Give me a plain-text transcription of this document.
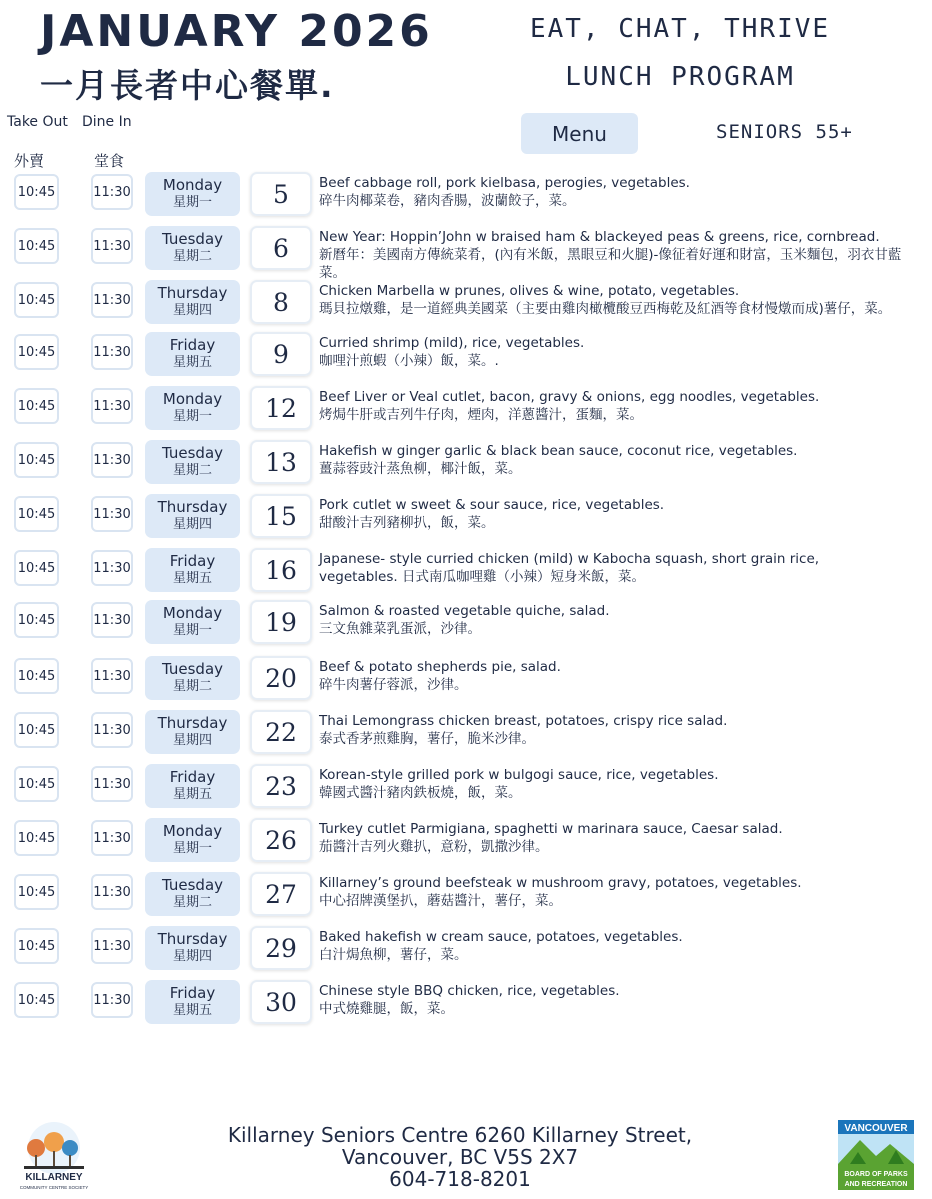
JANUARY 2026
一月長者中心餐單.
EAT, CHAT, THRIVE
LUNCH PROGRAM
Take Out Dine In
外賣	堂食
Menu	SENIORS 55+
10:45	11:30 Monday
星期一	5	Beef cabbage roll, pork kielbasa, perogies, vegetables.
碎牛肉椰菜卷，豬肉香腸，波蘭餃子，菜。
10:45	11:30 Tuesday
星期二	6	New Year: Hoppin’John w braised ham & blackeyed peas & greens, rice, cornbread.
新曆年：美國南方傳統菜肴，(內有米飯，黑眼豆和火腿)-像征着好運和財富，玉米麵包，羽衣甘藍菜。
10:45	11:30 Thursday
星期四	8	Chicken Marbella w prunes, olives & wine, potato, vegetables.
瑪貝拉燉雞，是一道經典美國菜（主要由雞肉橄欖酸豆西梅乾及紅酒等食材慢燉而成)薯仔，菜。
10:45	11:30	Friday
星期五	9	Curried shrimp (mild), rice, vegetables.
咖哩汁煎蝦（小辣）飯，菜。.
10:45	11:30 Monday
星期一	12	Beef Liver or Veal cutlet, bacon, gravy & onions, egg noodles, vegetables.
烤焗牛肝或吉列牛仔肉，煙肉，洋蔥醬汁，蛋麵，菜。
10:45	11:30 Tuesday
星期二	13	Hakefish w ginger garlic & black bean sauce, coconut rice, vegetables.
薑蒜蓉豉汁蒸魚柳，椰汁飯，菜。
10:45	11:30 Thursday
星期四	15	Pork cutlet w sweet & sour sauce, rice, vegetables.
甜酸汁吉列豬柳扒，飯，菜。
10:45	11:30	Friday
星期五	16	Japanese- style curried chicken (mild) w Kabocha squash, short grain rice,
vegetables. 日式南瓜咖哩雞（小辣）短身米飯，菜。
10:45	11:30 Monday
星期一	19	Salmon & roasted vegetable quiche, salad.
三文魚雜菜乳蛋派，沙律。
10:45	11:30 Tuesday
星期二	20	Beef & potato shepherds pie, salad.
碎牛肉薯仔蓉派，沙律。
10:45	11:30 Thursday
星期四	22	Thai Lemongrass chicken breast, potatoes, crispy rice salad.
泰式香茅煎雞胸，薯仔，脆米沙律。
10:45	11:30	Friday
星期五	23	Korean-style grilled pork w bulgogi sauce, rice, vegetables.
韓國式醬汁豬肉鉄板燒，飯，菜。
10:45	11:30 Monday
星期一	26	Turkey cutlet Parmigiana, spaghetti w marinara sauce, Caesar salad.
茄醬汁吉列火雞扒，意粉，凱撒沙律。
10:45	11:30 Tuesday
星期二	27	Killarney’s ground beefsteak w mushroom gravy, potatoes, vegetables.
中心招牌漢堡扒，蘑菇醬汁，薯仔，菜。
10:45	11:30 Thursday
星期四	29	Baked hakefish w cream sauce, potatoes, vegetables.
白汁焗魚柳，薯仔，菜。
10:45	11:30	Friday
星期五	30	Chinese style BBQ chicken, rice, vegetables.
中式燒雞腿，飯，菜。
KILLARNEY
COMMUNITY CENTRE SOCIETY
Killarney Seniors Centre 6260 Killarney Street,
Vancouver, BC V5S 2X7
604-718-8201
VANCOUVER
BOARD OF PARKS
AND RECREATION
